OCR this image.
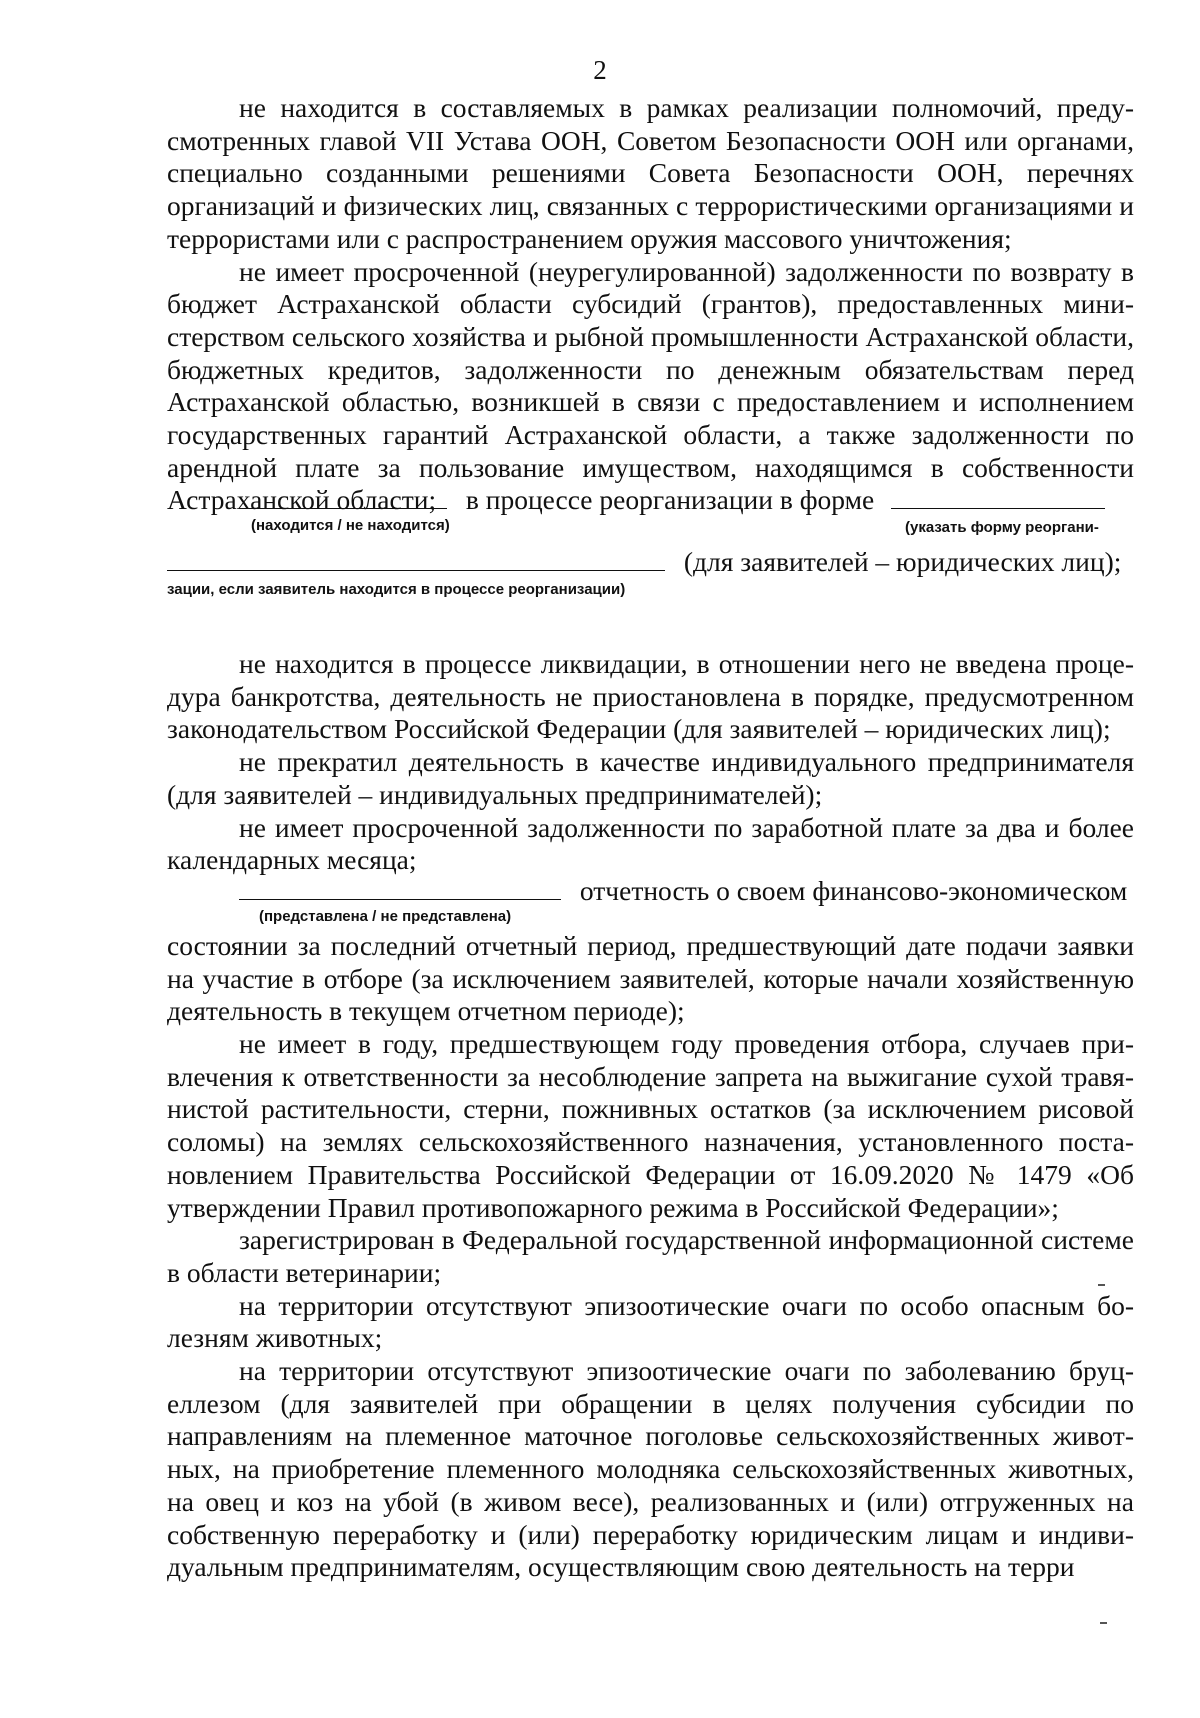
2

не находится в составляемых в рамках реализации полномочий, предусмотренных главой VII Устава ООН, Советом Безопасности ООН или органами, специально созданными решениями Совета Безопасности ООН, перечнях организаций и физических лиц, связанных с террористическими организациями и террористами или с распространением оружия массового уничтожения;

не имеет просроченной (неурегулированной) задолженности по возврату в бюджет Астраханской области субсидий (грантов), предоставленных министерством сельского хозяйства и рыбной промышленности Астраханской области, бюджетных кредитов, задолженности по денежным обязательствам перед Астраханской областью, возникшей в связи с предоставлением и исполнением государственных гарантий Астраханской области, а также задолженности по арендной плате за пользование имуществом, находящимся в собственности Астраханской области;	в процессе реорганизации в форме
(находится / не находится)	(указать форму реоргани-
(для заявителей – юридических лиц);
зации, если заявитель находится в процессе реорганизации)

не находится в процессе ликвидации, в отношении него не введена процедура банкротства, деятельность не приостановлена в порядке, предусмотренном законодательством Российской Федерации (для заявителей – юридических лиц);

не прекратил деятельность в качестве индивидуального предпринимателя (для заявителей – индивидуальных предпринимателей);

не имеет просроченной задолженности по заработной плате за два и более календарных месяца;

отчетность о своем финансово-экономическом
(представлена / не представлена)

состоянии за последний отчетный период, предшествующий дате подачи заявки на участие в отборе (за исключением заявителей, которые начали хозяйственную деятельность в текущем отчетном периоде);

не имеет в году, предшествующем году проведения отбора, случаев привлечения к ответственности за несоблюдение запрета на выжигание сухой травянистой растительности, стерни, пожнивных остатков (за исключением рисовой соломы) на землях сельскохозяйственного назначения, установленного постановлением Правительства Российской Федерации от 16.09.2020 № 1479 «Об утверждении Правил противопожарного режима в Российской Федерации»;

зарегистрирован в Федеральной государственной информационной системе в области ветеринарии;

на территории отсутствуют эпизоотические очаги по особо опасным болезням животных;

на территории отсутствуют эпизоотические очаги по заболеванию бруцеллезом (для заявителей при обращении в целях получения субсидии по направлениям на племенное маточное поголовье сельскохозяйственных животных, на приобретение племенного молодняка сельскохозяйственных животных, на овец и коз на убой (в живом весе), реализованных и (или) отгруженных на собственную переработку и (или) переработку юридическим лицам и индивидуальным предпринимателям, осуществляющим свою деятельность на терри
